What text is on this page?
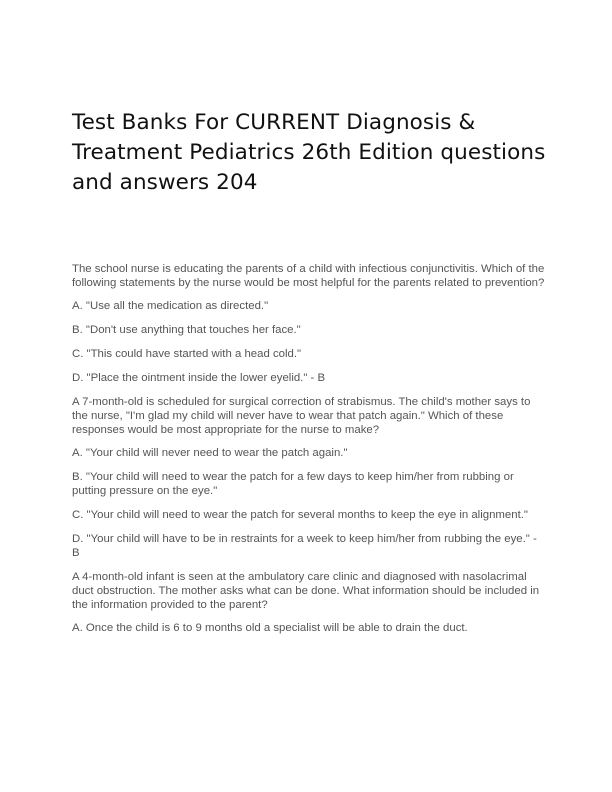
Test Banks For CURRENT Diagnosis & Treatment Pediatrics 26th Edition questions and answers 204

The school nurse is educating the parents of a child with infectious conjunctivitis. Which of the following statements by the nurse would be most helpful for the parents related to prevention?

A. "Use all the medication as directed."

B. "Don't use anything that touches her face."

C. "This could have started with a head cold."

D. "Place the ointment inside the lower eyelid." - B

A 7-month-old is scheduled for surgical correction of strabismus. The child's mother says to the nurse, "I'm glad my child will never have to wear that patch again." Which of these responses would be most appropriate for the nurse to make?

A. "Your child will never need to wear the patch again."

B. "Your child will need to wear the patch for a few days to keep him/her from rubbing or putting pressure on the eye."

C. "Your child will need to wear the patch for several months to keep the eye in alignment."

D. "Your child will have to be in restraints for a week to keep him/her from rubbing the eye." - B

A 4-month-old infant is seen at the ambulatory care clinic and diagnosed with nasolacrimal duct obstruction. The mother asks what can be done. What information should be included in the information provided to the parent?

A. Once the child is 6 to 9 months old a specialist will be able to drain the duct.
